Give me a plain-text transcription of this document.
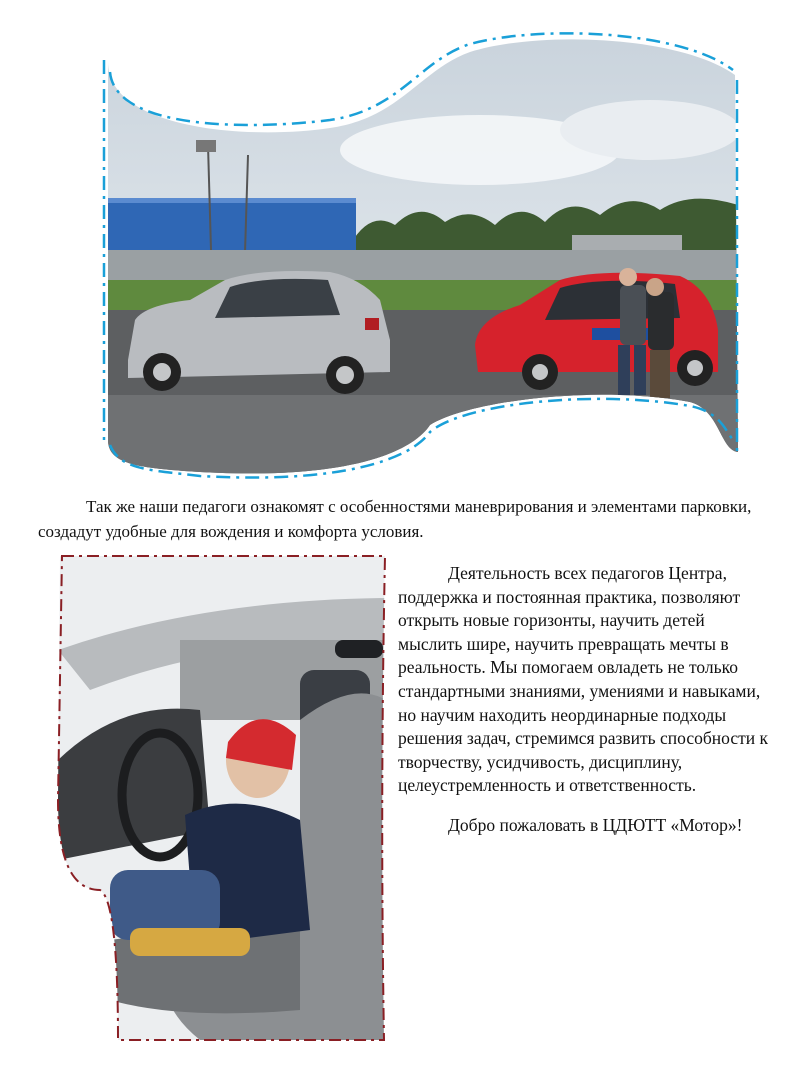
Так же наши педагоги ознакомят с особенностями маневрирования и элементами парковки, создадут удобные для вождения и комфорта условия.

Деятельность всех педагогов Центра, поддержка и постоянная практика, позволяют открыть новые горизонты, научить детей мыслить шире, научить превращать мечты в реальность. Мы помогаем овладеть не только стандартными знаниями, умениями и навыками, но научим находить неординарные подходы решения задач, стремимся развить способности к творчеству, усидчивость, дисциплину, целеустремленность и ответственность.

Добро пожаловать в ЦДЮТТ «Мотор»!
